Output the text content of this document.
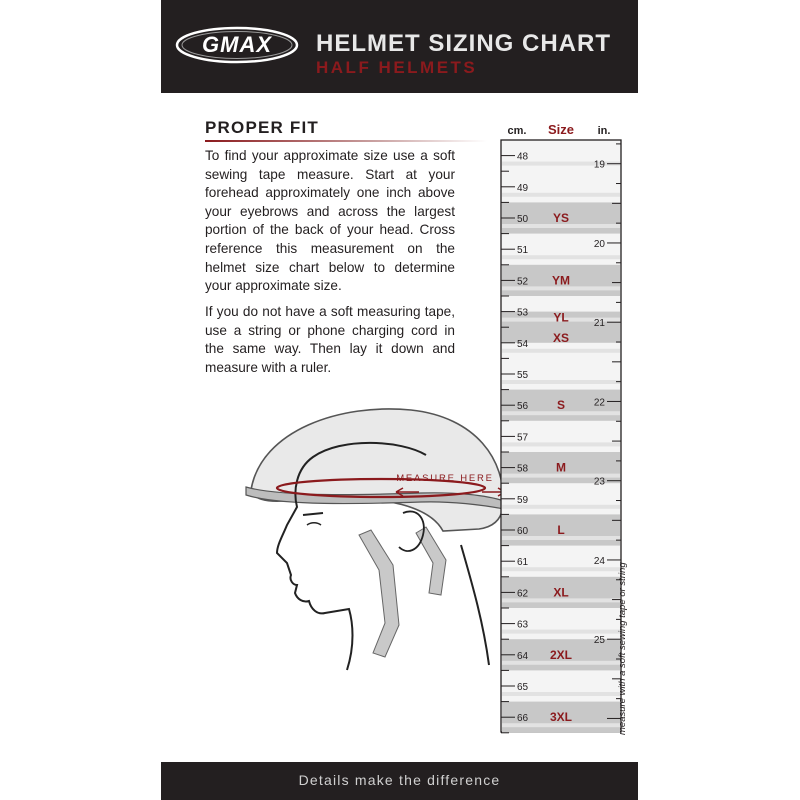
GMAX	HELMET SIZING CHART
HALF HELMETS
PROPER FIT

To find your approximate size use a soft sewing tape measure. Start at your forehead approximately one inch above your eyebrows and across the largest portion of the back of your head. Cross reference this measurement on the helmet size chart below to determine your approximate size.

If you do not have a soft measuring tape, use a string or phone charging cord in the same way. Then lay it down and measure with a ruler.

MEASURE HERE
cm. Size in.
48
49
50
51
52
53
54
55
56
57
58
59
60
61
62
63
64
65
66
19
20
21
22
23
24
25
YS
YM
YL
XS
S
M
L
XL
2XL
3XL	measure with a soft sewing tape or string
Details make the difference
